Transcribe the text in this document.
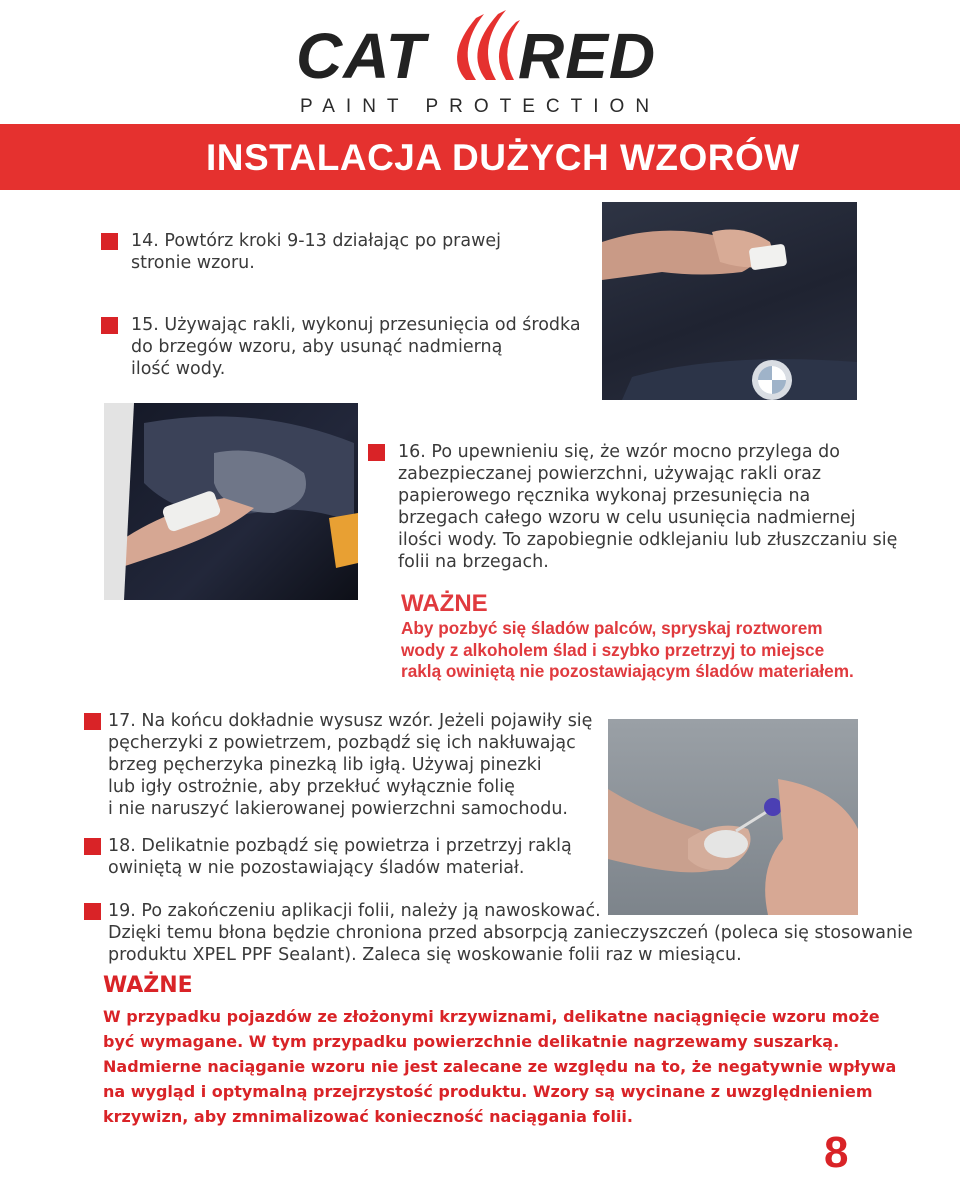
CAT RED
PAINT PROTECTION
INSTALACJA DUŻYCH WZORÓW

14. Powtórz kroki 9-13 działając po prawej
stronie wzoru.

15. Używając rakli, wykonuj przesunięcia od środka
do brzegów wzoru, aby usunąć nadmierną
ilość wody.

16. Po upewnieniu się, że wzór mocno przylega do
zabezpieczanej powierzchni, używając rakli oraz
papierowego ręcznika wykonaj przesunięcia na
brzegach całego wzoru w celu usunięcia nadmiernej
ilości wody. To zapobiegnie odklejaniu lub złuszczaniu się
folii na brzegach.

WAŻNE

Aby pozbyć się śladów palców, spryskaj roztworem
wody z alkoholem ślad i szybko przetrzyj to miejsce
raklą owiniętą nie pozostawiającym śladów materiałem.

17. Na końcu dokładnie wysusz wzór. Jeżeli pojawiły się
pęcherzyki z powietrzem, pozbądź się ich nakłuwając
brzeg pęcherzyka pinezką lib igłą. Używaj pinezki
lub igły ostrożnie, aby przekłuć wyłącznie folię
i nie naruszyć lakierowanej powierzchni samochodu.

18. Delikatnie pozbądź się powietrza i przetrzyj raklą
owiniętą w nie pozostawiający śladów materiał.

19. Po zakończeniu aplikacji folii, należy ją nawoskować.
Dzięki temu błona będzie chroniona przed absorpcją zanieczyszczeń (poleca się stosowanie
produktu XPEL PPF Sealant). Zaleca się woskowanie folii raz w miesiącu.

WAŻNE

W przypadku pojazdów ze złożonymi krzywiznami, delikatne naciągnięcie wzoru może
być wymagane. W tym przypadku powierzchnie delikatnie nagrzewamy suszarką.
Nadmierne naciąganie wzoru nie jest zalecane ze względu na to, że negatywnie wpływa
na wygląd i optymalną przejrzystość produktu. Wzory są wycinane z uwzględnieniem
krzywizn, aby zmnimalizować konieczność naciągania folii.

8
